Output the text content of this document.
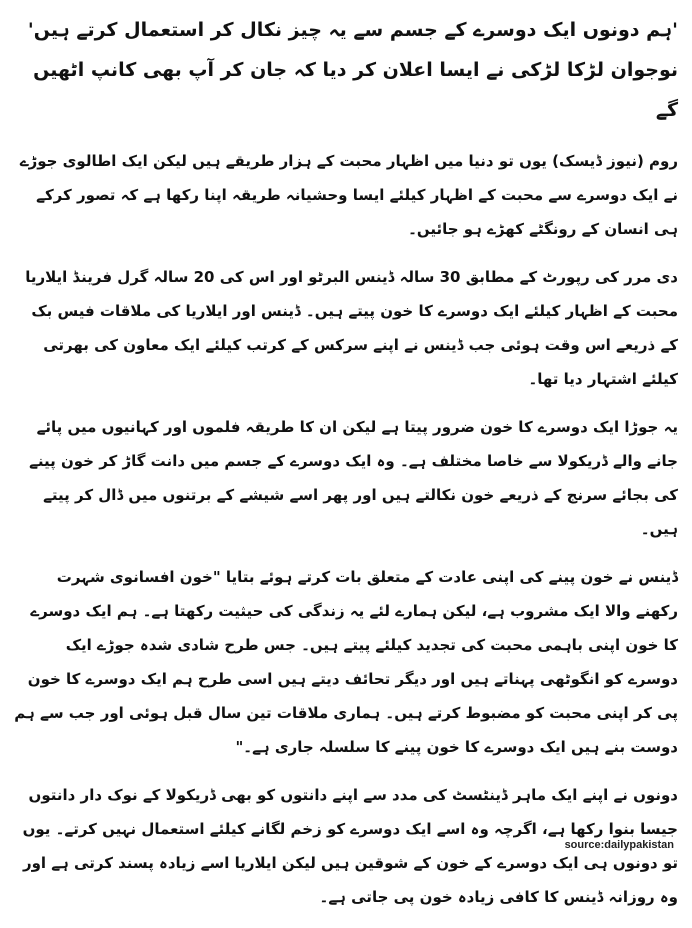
'ہم دونوں ایک دوسرے کے جسم سے یہ چیز نکال کر استعمال کرتے ہیں' نوجوان لڑکا لڑکی نے ایسا اعلان کر دیا کہ جان کر آپ بھی کانپ اٹھیں گے

روم (نیوز ڈیسک) یوں تو دنیا میں اظہار محبت کے ہزار طریقے ہیں لیکن ایک اطالوی جوڑے نے ایک دوسرے سے محبت کے اظہار کیلئے ایسا وحشیانہ طریقہ اپنا رکھا ہے کہ تصور کرکے ہی انسان کے رونگٹے کھڑے ہو جائیں۔

دی مرر کی رپورٹ کے مطابق 30 سالہ ڈینس البرٹو اور اس کی 20 سالہ گرل فرینڈ ایلاریا محبت کے اظہار کیلئے ایک دوسرے کا خون پیتے ہیں۔ ڈینس اور ایلاریا کی ملاقات فیس بک کے ذریعے اس وقت ہوئی جب ڈینس نے اپنے سرکس کے کرتب کیلئے ایک معاون کی بھرتی کیلئے اشتہار دیا تھا۔

یہ جوڑا ایک دوسرے کا خون ضرور پیتا ہے لیکن ان کا طریقہ فلموں اور کہانیوں میں پائے جانے والے ڈریکولا سے خاصا مختلف ہے۔ وہ ایک دوسرے کے جسم میں دانت گاڑ کر خون پینے کی بجائے سرنج کے ذریعے خون نکالتے ہیں اور پھر اسے شیشے کے برتنوں میں ڈال کر پیتے ہیں۔

ڈینس نے خون پینے کی اپنی عادت کے متعلق بات کرتے ہوئے بتایا "خون افسانوی شہرت رکھنے والا ایک مشروب ہے، لیکن ہمارے لئے یہ زندگی کی حیثیت رکھتا ہے۔ ہم ایک دوسرے کا خون اپنی باہمی محبت کی تجدید کیلئے پیتے ہیں۔ جس طرح شادی شدہ جوڑے ایک دوسرے کو انگوٹھی پہناتے ہیں اور دیگر تحائف دیتے ہیں اسی طرح ہم ایک دوسرے کا خون پی کر اپنی محبت کو مضبوط کرتے ہیں۔ ہماری ملاقات تین سال قبل ہوئی اور جب سے ہم دوست بنے ہیں ایک دوسرے کا خون پینے کا سلسلہ جاری ہے۔"

دونوں نے اپنے ایک ماہر ڈینٹسٹ کی مدد سے اپنے دانتوں کو بھی ڈریکولا کے نوک دار دانتوں جیسا بنوا رکھا ہے، اگرچہ وہ اسے ایک دوسرے کو زخم لگانے کیلئے استعمال نہیں کرتے۔ یوں تو دونوں ہی ایک دوسرے کے خون کے شوقین ہیں لیکن ایلاریا اسے زیادہ پسند کرتی ہے اور وہ روزانہ ڈینس کا کافی زیادہ خون پی جاتی ہے۔

source:dailypakistan
